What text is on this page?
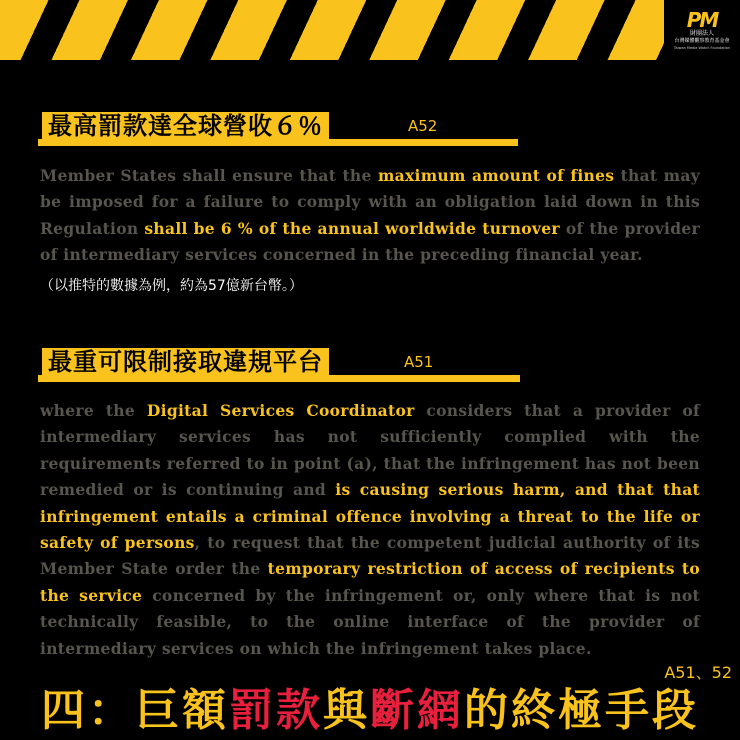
PM
財團法人
台灣媒體觀察教育基金會
Taiwan Media Watch Foundation
最高罰款達全球營收６％	A52
Member States shall ensure that the maximum amount of fines that may be imposed for a failure to comply with an obligation laid down in this Regulation shall be 6 % of the annual worldwide turnover of the provider of intermediary services concerned in the preceding financial year.
（以推特的數據為例，約為57億新台幣。）
最重可限制接取違規平台	A51
where the Digital Services Coordinator considers that a provider of intermediary services has not sufficiently complied with the requirements referred to in point (a), that the infringement has not been remedied or is continuing and is causing serious harm, and that that infringement entails a criminal offence involving a threat to the life or safety of persons, to request that the competent judicial authority of its Member State order the temporary restriction of access of recipients to the service concerned by the infringement or, only where that is not technically feasible, to the online interface of the provider of intermediary services on which the infringement takes place.
A51、52
四：巨額 罰款 與 斷網 的終極手段
